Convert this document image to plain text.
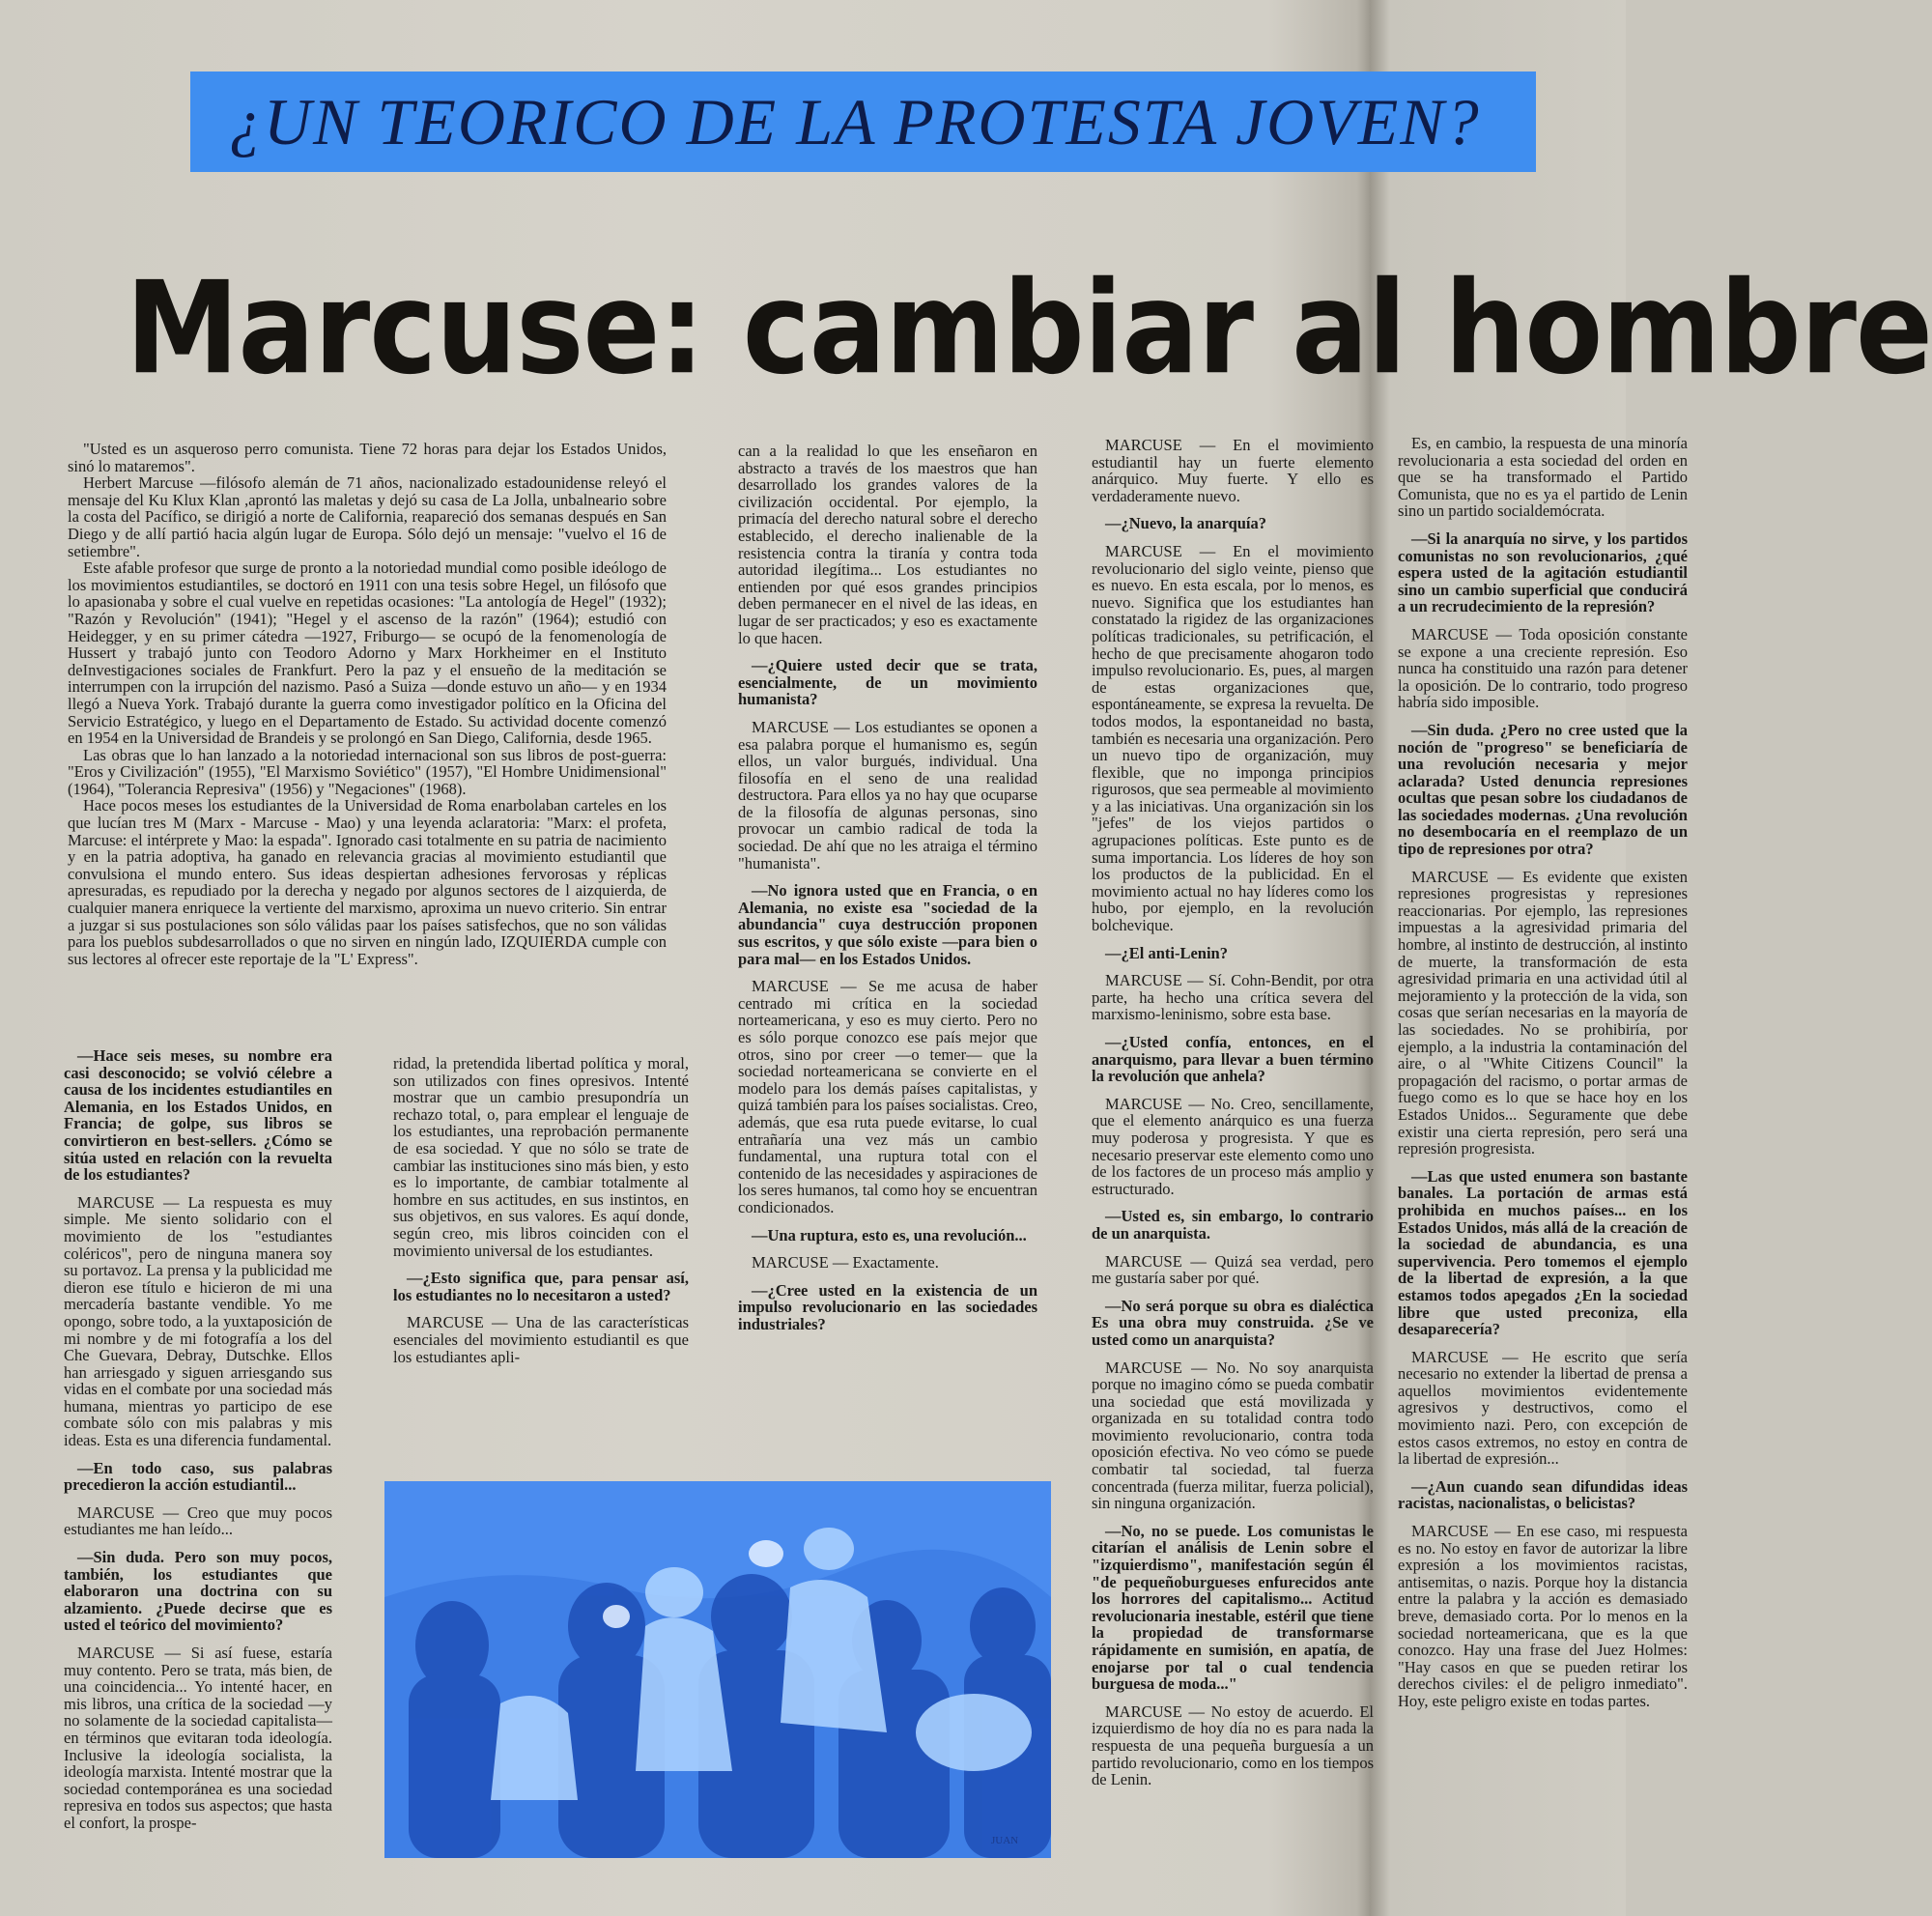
¿UN TEORICO DE LA PROTESTA JOVEN?
Marcuse: cambiar al hombre

"Usted es un asqueroso perro comunista. Tiene 72 horas para dejar los Estados Unidos, sinó lo mataremos".

Herbert Marcuse —filósofo alemán de 71 años, nacionalizado estadounidense releyó el mensaje del Ku Klux Klan ,aprontó las maletas y dejó su casa de La Jolla, unbalneario sobre la costa del Pacífico, se dirigió a norte de California, reapareció dos semanas después en San Diego y de allí partió hacia algún lugar de Europa. Sólo dejó un mensaje: "vuelvo el 16 de setiembre".

Este afable profesor que surge de pronto a la notoriedad mundial como posible ideólogo de los movimientos estudiantiles, se doctoró en 1911 con una tesis sobre Hegel, un filósofo que lo apasionaba y sobre el cual vuelve en repetidas ocasiones: "La antología de Hegel" (1932); "Razón y Revolución" (1941); "Hegel y el ascenso de la razón" (1964); estudió con Heidegger, y en su primer cátedra —1927, Friburgo— se ocupó de la fenomenología de Hussert y trabajó junto con Teodoro Adorno y Marx Horkheimer en el Instituto deInvestigaciones sociales de Frankfurt. Pero la paz y el ensueño de la meditación se interrumpen con la irrupción del nazismo. Pasó a Suiza —donde estuvo un año— y en 1934 llegó a Nueva York. Trabajó durante la guerra como investigador político en la Oficina del Servicio Estratégico, y luego en el Departamento de Estado. Su actividad docente comenzó en 1954 en la Universidad de Brandeis y se prolongó en San Diego, California, desde 1965.

Las obras que lo han lanzado a la notoriedad internacional son sus libros de post-guerra: "Eros y Civilización" (1955), "El Marxismo Soviético" (1957), "El Hombre Unidimensional" (1964), "Tolerancia Represiva" (1956) y "Negaciones" (1968).

Hace pocos meses los estudiantes de la Universidad de Roma enarbolaban carteles en los que lucían tres M (Marx - Marcuse - Mao) y una leyenda aclaratoria: "Marx: el profeta, Marcuse: el intérprete y Mao: la espada". Ignorado casi totalmente en su patria de nacimiento y en la patria adoptiva, ha ganado en relevancia gracias al movimiento estudiantil que convulsiona el mundo entero. Sus ideas despiertan adhesiones fervorosas y réplicas apresuradas, es repudiado por la derecha y negado por algunos sectores de l aizquierda, de cualquier manera enriquece la vertiente del marxismo, aproxima un nuevo criterio. Sin entrar a juzgar si sus postulaciones son sólo válidas paar los países satisfechos, que no son válidas para los pueblos subdesarrollados o que no sirven en ningún lado, IZQUIERDA cumple con sus lectores al ofrecer este reportaje de la "L' Express".

—Hace seis meses, su nombre era casi desconocido; se volvió célebre a causa de los incidentes estudiantiles en Alemania, en los Estados Unidos, en Francia; de golpe, sus libros se convirtieron en best-sellers. ¿Cómo se sitúa usted en relación con la revuelta de los estudiantes?

MARCUSE — La respuesta es muy simple. Me siento solidario con el movimiento de los "estudiantes coléricos", pero de ninguna manera soy su portavoz. La prensa y la publicidad me dieron ese título e hicieron de mi una mercadería bastante vendible. Yo me opongo, sobre todo, a la yuxtaposición de mi nombre y de mi fotografía a los del Che Guevara, Debray, Dutschke. Ellos han arriesgado y siguen arriesgando sus vidas en el combate por una sociedad más humana, mientras yo participo de ese combate sólo con mis palabras y mis ideas. Esta es una diferencia fundamental.

—En todo caso, sus palabras precedieron la acción estudiantil...

MARCUSE — Creo que muy pocos estudiantes me han leído...

—Sin duda. Pero son muy pocos, también, los estudiantes que elaboraron una doctrina con su alzamiento. ¿Puede decirse que es usted el teórico del movimiento?

MARCUSE — Si así fuese, estaría muy contento. Pero se trata, más bien, de una coincidencia... Yo intenté hacer, en mis libros, una crítica de la sociedad —y no solamente de la sociedad capitalista— en términos que evitaran toda ideología. Inclusive la ideología socialista, la ideología marxista. Intenté mostrar que la sociedad contemporánea es una sociedad represiva en todos sus aspectos; que hasta el confort, la prospe-

ridad, la pretendida libertad política y moral, son utilizados con fines opresivos. Intenté mostrar que un cambio presupondría un rechazo total, o, para emplear el lenguaje de los estudiantes, una reprobación permanente de esa sociedad. Y que no sólo se trate de cambiar las instituciones sino más bien, y esto es lo importante, de cambiar totalmente al hombre en sus actitudes, en sus instintos, en sus objetivos, en sus valores. Es aquí donde, según creo, mis libros coinciden con el movimiento universal de los estudiantes.

—¿Esto significa que, para pensar así, los estudiantes no lo necesitaron a usted?

MARCUSE — Una de las características esenciales del movimiento estudiantil es que los estudiantes apli-

can a la realidad lo que les enseñaron en abstracto a través de los maestros que han desarrollado los grandes valores de la civilización occidental. Por ejemplo, la primacía del derecho natural sobre el derecho establecido, el derecho inalienable de la resistencia contra la tiranía y contra toda autoridad ilegítima... Los estudiantes no entienden por qué esos grandes principios deben permanecer en el nivel de las ideas, en lugar de ser practicados; y eso es exactamente lo que hacen.

—¿Quiere usted decir que se trata, esencialmente, de un movimiento humanista?

MARCUSE — Los estudiantes se oponen a esa palabra porque el humanismo es, según ellos, un valor burgués, individual. Una filosofía en el seno de una realidad destructora. Para ellos ya no hay que ocuparse de la filosofía de algunas personas, sino provocar un cambio radical de toda la sociedad. De ahí que no les atraiga el término "humanista".

—No ignora usted que en Francia, o en Alemania, no existe esa "sociedad de la abundancia" cuya destrucción proponen sus escritos, y que sólo existe —para bien o para mal— en los Estados Unidos.

MARCUSE — Se me acusa de haber centrado mi crítica en la sociedad norteamericana, y eso es muy cierto. Pero no es sólo porque conozco ese país mejor que otros, sino por creer —o temer— que la sociedad norteamericana se convierte en el modelo para los demás países capitalistas, y quizá también para los países socialistas. Creo, además, que esa ruta puede evitarse, lo cual entrañaría una vez más un cambio fundamental, una ruptura total con el contenido de las necesidades y aspiraciones de los seres humanos, tal como hoy se encuentran condicionados.

—Una ruptura, esto es, una revolución...

MARCUSE — Exactamente.

—¿Cree usted en la existencia de un impulso revolucionario en las sociedades industriales?

MARCUSE — En el movimiento estudiantil hay un fuerte elemento anárquico. Muy fuerte. Y ello es verdaderamente nuevo.

—¿Nuevo, la anarquía?

MARCUSE — En el movimiento revolucionario del siglo veinte, pienso que es nuevo. En esta escala, por lo menos, es nuevo. Significa que los estudiantes han constatado la rigidez de las organizaciones políticas tradicionales, su petrificación, el hecho de que precisamente ahogaron todo impulso revolucionario. Es, pues, al margen de estas organizaciones que, espontáneamente, se expresa la revuelta. De todos modos, la espontaneidad no basta, también es necesaria una organización. Pero un nuevo tipo de organización, muy flexible, que no imponga principios rigurosos, que sea permeable al movimiento y a las iniciativas. Una organización sin los "jefes" de los viejos partidos o agrupaciones políticas. Este punto es de suma importancia. Los líderes de hoy son los productos de la publicidad. En el movimiento actual no hay líderes como los hubo, por ejemplo, en la revolución bolchevique.

—¿El anti-Lenin?

MARCUSE — Sí. Cohn-Bendit, por otra parte, ha hecho una crítica severa del marxismo-leninismo, sobre esta base.

—¿Usted confía, entonces, en el anarquismo, para llevar a buen término la revolución que anhela?

MARCUSE — No. Creo, sencillamente, que el elemento anárquico es una fuerza muy poderosa y progresista. Y que es necesario preservar este elemento como uno de los factores de un proceso más amplio y estructurado.

—Usted es, sin embargo, lo contrario de un anarquista.

MARCUSE — Quizá sea verdad, pero me gustaría saber por qué.

—No será porque su obra es dialéctica Es una obra muy construida. ¿Se ve usted como un anarquista?

MARCUSE — No. No soy anarquista porque no imagino cómo se pueda combatir una sociedad que está movilizada y organizada en su totalidad contra todo movimiento revolucionario, contra toda oposición efectiva. No veo cómo se puede combatir tal sociedad, tal fuerza concentrada (fuerza militar, fuerza policial), sin ninguna organización.

—No, no se puede. Los comunistas le citarían el análisis de Lenin sobre el "izquierdismo", manifestación según él "de pequeñoburgueses enfurecidos ante los horrores del capitalismo... Actitud revolucionaria inestable, estéril que tiene la propiedad de transformarse rápidamente en sumisión, en apatía, de enojarse por tal o cual tendencia burguesa de moda..."

MARCUSE — No estoy de acuerdo. El izquierdismo de hoy día no es para nada la respuesta de una pequeña burguesía a un partido revolucionario, como en los tiempos de Lenin.

Es, en cambio, la respuesta de una minoría revolucionaria a esta sociedad del orden en que se ha transformado el Partido Comunista, que no es ya el partido de Lenin sino un partido socialdemócrata.

—Si la anarquía no sirve, y los partidos comunistas no son revolucionarios, ¿qué espera usted de la agitación estudiantil sino un cambio superficial que conducirá a un recrudecimiento de la represión?

MARCUSE — Toda oposición constante se expone a una creciente represión. Eso nunca ha constituido una razón para detener la oposición. De lo contrario, todo progreso habría sido imposible.

—Sin duda. ¿Pero no cree usted que la noción de "progreso" se beneficiaría de una revolución necesaria y mejor aclarada? Usted denuncia represiones ocultas que pesan sobre los ciudadanos de las sociedades modernas. ¿Una revolución no desembocaría en el reemplazo de un tipo de represiones por otra?

MARCUSE — Es evidente que existen represiones progresistas y represiones reaccionarias. Por ejemplo, las represiones impuestas a la agresividad primaria del hombre, al instinto de destrucción, al instinto de muerte, la transformación de esta agresividad primaria en una actividad útil al mejoramiento y la protección de la vida, son cosas que serían necesarias en la mayoría de las sociedades. No se prohibiría, por ejemplo, a la industria la contaminación del aire, o al "White Citizens Council" la propagación del racismo, o portar armas de fuego como es lo que se hace hoy en los Estados Unidos... Seguramente que debe existir una cierta represión, pero será una represión progresista.

—Las que usted enumera son bastante banales. La portación de armas está prohibida en muchos países... en los Estados Unidos, más allá de la creación de la sociedad de abundancia, es una supervivencia. Pero tomemos el ejemplo de la libertad de expresión, a la que estamos todos apegados ¿En la sociedad libre que usted preconiza, ella desaparecería?

MARCUSE — He escrito que sería necesario no extender la libertad de prensa a aquellos movimientos evidentemente agresivos y destructivos, como el movimiento nazi. Pero, con excepción de estos casos extremos, no estoy en contra de la libertad de expresión...

—¿Aun cuando sean difundidas ideas racistas, nacionalistas, o belicistas?

MARCUSE — En ese caso, mi respuesta es no. No estoy en favor de autorizar la libre expresión a los movimientos racistas, antisemitas, o nazis. Porque hoy la distancia entre la palabra y la acción es demasiado breve, demasiado corta. Por lo menos en la sociedad norteamericana, que es la que conozco. Hay una frase del Juez Holmes: "Hay casos en que se pueden retirar los derechos civiles: el de peligro inmediato". Hoy, este peligro existe en todas partes.

JUAN
